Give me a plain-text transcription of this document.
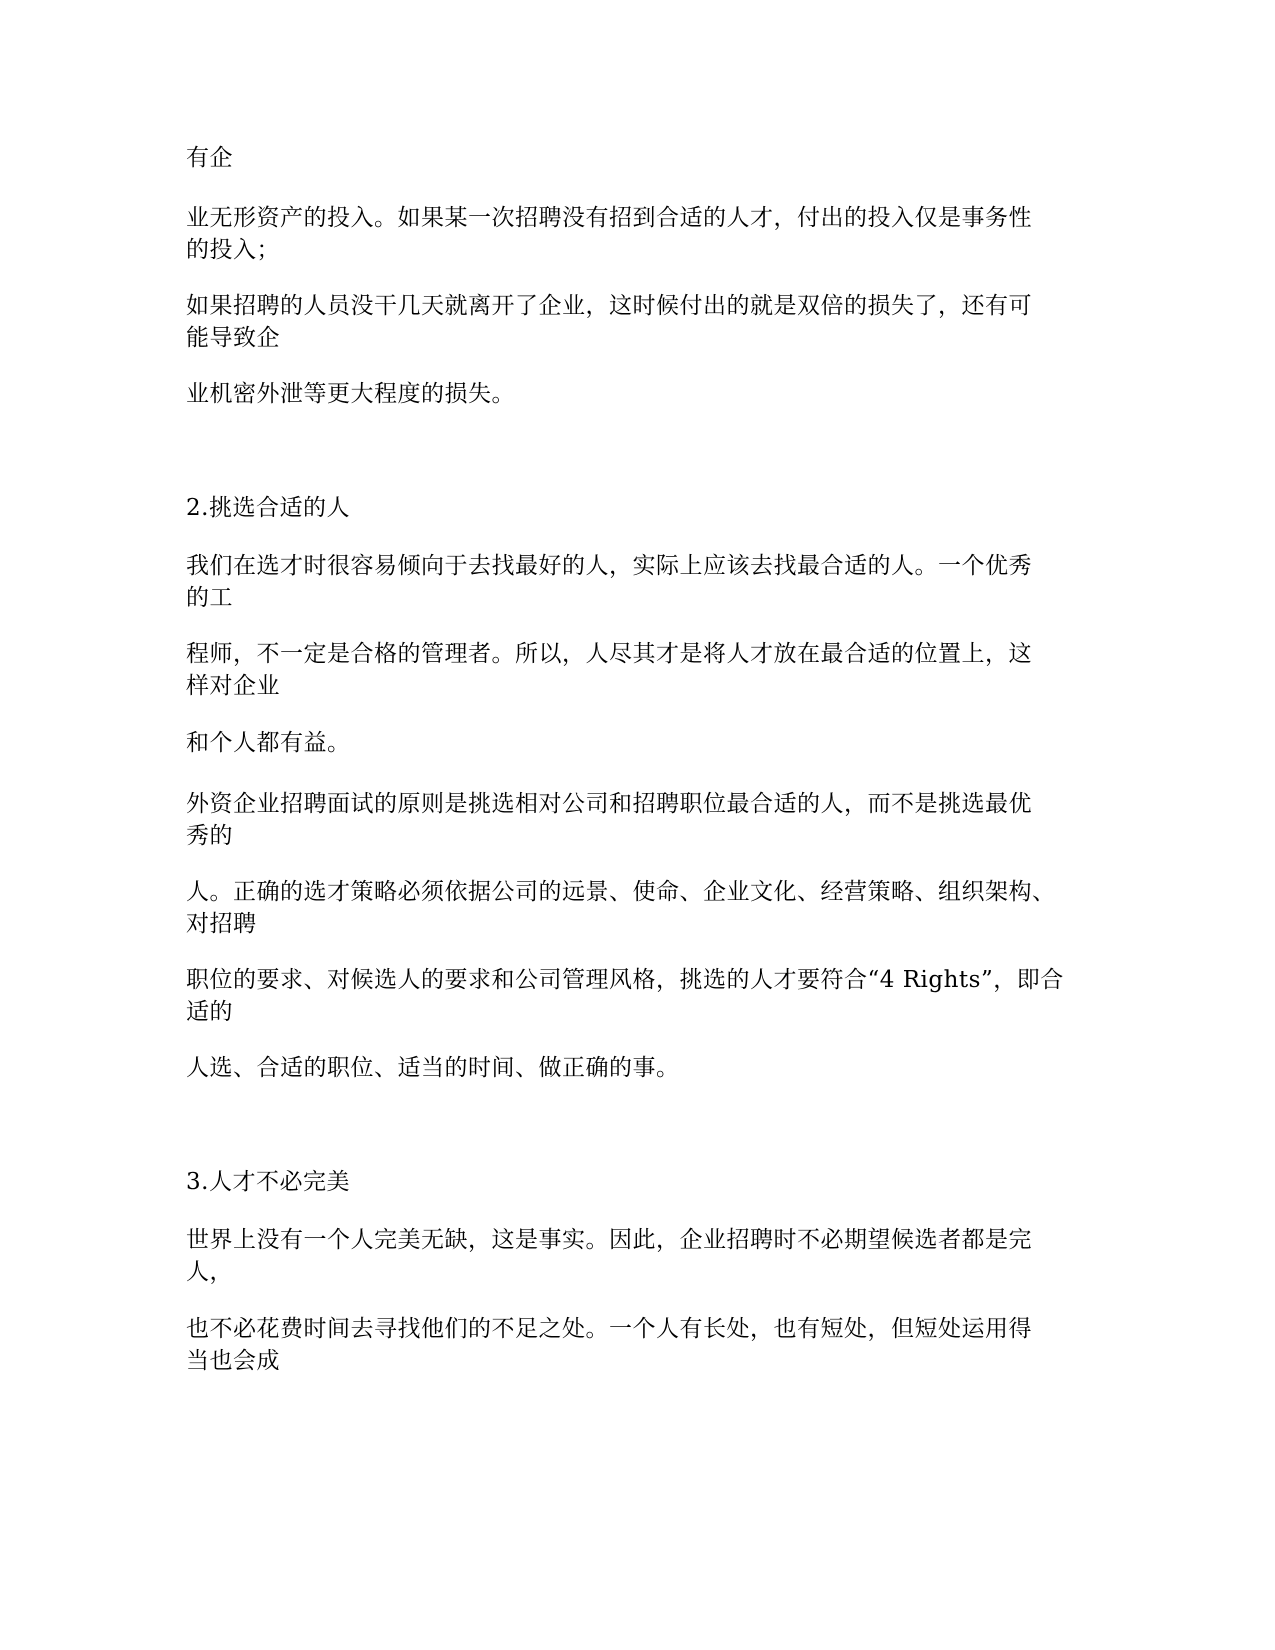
有企

业无形资产的投入。如果某一次招聘没有招到合适的人才，付出的投入仅是事务性
的投入；

如果招聘的人员没干几天就离开了企业，这时候付出的就是双倍的损失了，还有可
能导致企

业机密外泄等更大程度的损失。

2.挑选合适的人

我们在选才时很容易倾向于去找最好的人，实际上应该去找最合适的人。一个优秀
的工

程师，不一定是合格的管理者。所以，人尽其才是将人才放在最合适的位置上，这
样对企业

和个人都有益。

外资企业招聘面试的原则是挑选相对公司和招聘职位最合适的人，而不是挑选最优
秀的

人。正确的选才策略必须依据公司的远景、使命、企业文化、经营策略、组织架构、
对招聘

职位的要求、对候选人的要求和公司管理风格，挑选的人才要符合“4 Rights”，即合
适的

人选、合适的职位、适当的时间、做正确的事。

3.人才不必完美

世界上没有一个人完美无缺，这是事实。因此，企业招聘时不必期望候选者都是完
人，

也不必花费时间去寻找他们的不足之处。一个人有长处，也有短处，但短处运用得
当也会成
